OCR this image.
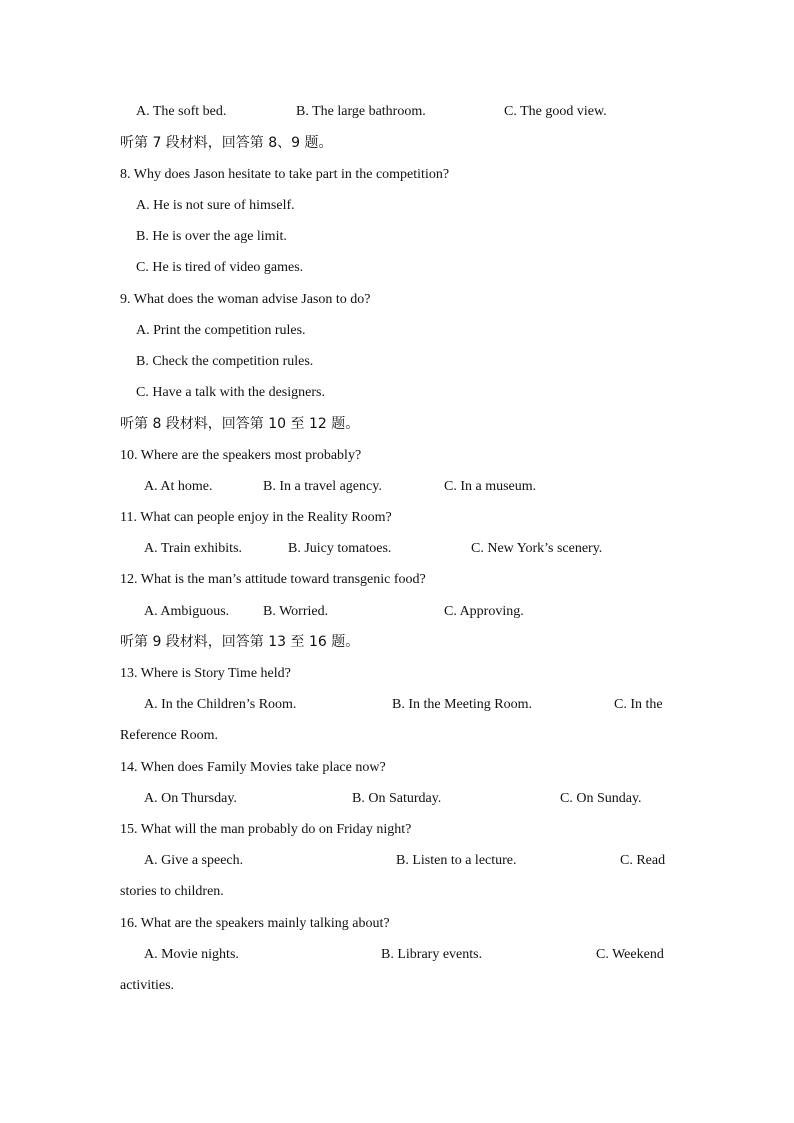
A. The soft bed.	B. The large bathroom.	C. The good view.
听第 7 段材料，回答第 8、9 题。
8. Why does Jason hesitate to take part in the competition?
A. He is not sure of himself.
B. He is over the age limit.
C. He is tired of video games.
9. What does the woman advise Jason to do?
A. Print the competition rules.
B. Check the competition rules.
C. Have a talk with the designers.
听第 8 段材料，回答第 10 至 12 题。
10. Where are the speakers most probably?
A. At home.	B. In a travel agency.	C. In a museum.
11. What can people enjoy in the Reality Room?
A. Train exhibits.	B. Juicy tomatoes.	C. New York’s scenery.
12. What is the man’s attitude toward transgenic food?
A. Ambiguous. B. Worried.	C. Approving.
听第 9 段材料，回答第 13 至 16 题。
13. Where is Story Time held?
A. In the Children’s Room.	B. In the Meeting Room.	C. In the
Reference Room.
14. When does Family Movies take place now?
A. On Thursday.	B. On Saturday.	C. On Sunday.
15. What will the man probably do on Friday night?
A. Give a speech.	B. Listen to a lecture.	C. Read
stories to children.
16. What are the speakers mainly talking about?
A. Movie nights.	B. Library events.	C. Weekend
activities.
